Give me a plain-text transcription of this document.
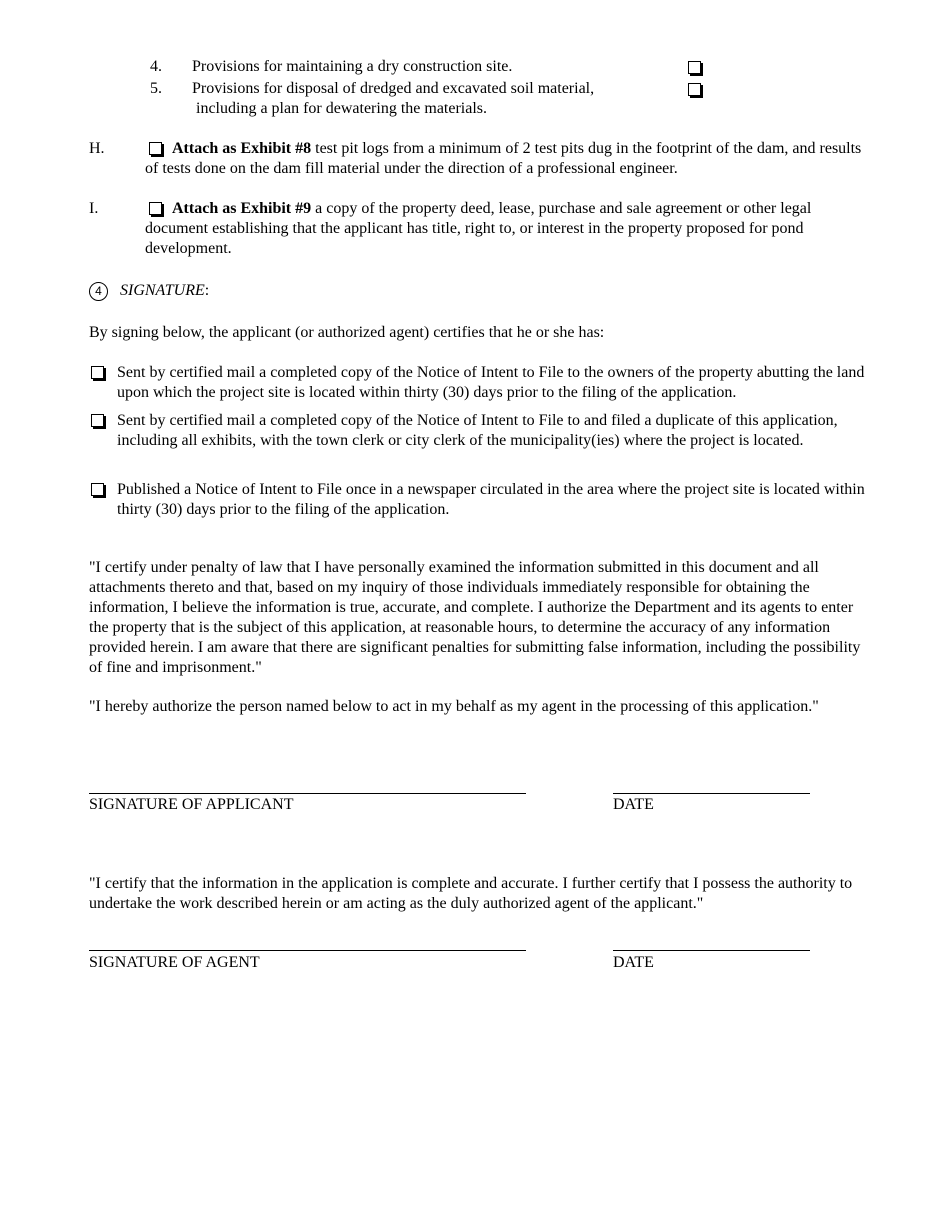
4. Provisions for maintaining a dry construction site.
5. Provisions for disposal of dredged and excavated soil material,
including a plan for dewatering the materials.
H.	Attach as Exhibit #8 test pit logs from a minimum of 2 test pits dug in the footprint of the dam, and results of tests done on the dam fill material under the direction of a professional engineer.
I.	Attach as Exhibit #9 a copy of the property deed, lease, purchase and sale agreement or other legal document establishing that the applicant has title, right to, or interest in the property proposed for pond development.
4 SIGNATURE:
By signing below, the applicant (or authorized agent) certifies that he or she has:
Sent by certified mail a completed copy of the Notice of Intent to File to the owners of the property abutting the land upon which the project site is located within thirty (30) days prior to the filing of the application.
Sent by certified mail a completed copy of the Notice of Intent to File to and filed a duplicate of this application, including all exhibits, with the town clerk or city clerk of the municipality(ies) where the project is located.
Published a Notice of Intent to File once in a newspaper circulated in the area where the project site is located within thirty (30) days prior to the filing of the application.
"I certify under penalty of law that I have personally examined the information submitted in this document and all attachments thereto and that, based on my inquiry of those individuals immediately responsible for obtaining the information, I believe the information is true, accurate, and complete. I authorize the Department and its agents to enter the property that is the subject of this application, at reasonable hours, to determine the accuracy of any information provided herein. I am aware that there are significant penalties for submitting false information, including the possibility of fine and imprisonment."
"I hereby authorize the person named below to act in my behalf as my agent in the processing of this application."
SIGNATURE OF APPLICANT	DATE
"I certify that the information in the application is complete and accurate. I further certify that I possess the authority to undertake the work described herein or am acting as the duly authorized agent of the applicant."
SIGNATURE OF AGENT	DATE
